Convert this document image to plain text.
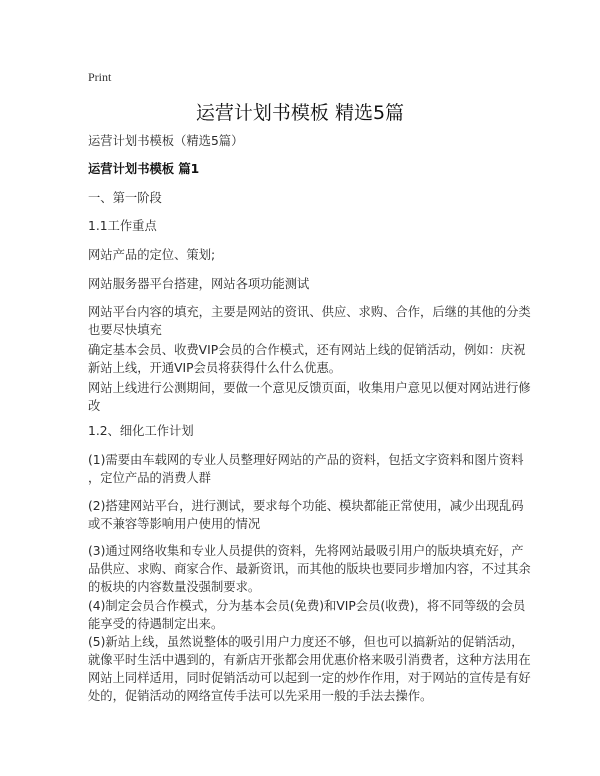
Print
运营计划书模板 精选5篇
运营计划书模板（精选5篇）
运营计划书模板 篇1
一、第一阶段
1.1工作重点
网站产品的定位、策划;
网站服务器平台搭建，网站各项功能测试
网站平台内容的填充，主要是网站的资讯、供应、求购、合作，后继的其他的分类
也要尽快填充
确定基本会员、收费VIP会员的合作模式，还有网站上线的促销活动，例如：庆祝
新站上线，开通VIP会员将获得什么什么优惠。
网站上线进行公测期间，要做一个意见反馈页面，收集用户意见以便对网站进行修
改
1.2、细化工作计划
(1)需要由车载网的专业人员整理好网站的产品的资料，包括文字资料和图片资料
，定位产品的消费人群
(2)搭建网站平台，进行测试，要求每个功能、模块都能正常使用，减少出现乱码
或不兼容等影响用户使用的情况
(3)通过网络收集和专业人员提供的资料，先将网站最吸引用户的版块填充好，产
品供应、求购、商家合作、最新资讯，而其他的版块也要同步增加内容，不过其余
的板块的内容数量没强制要求。
(4)制定会员合作模式，分为基本会员(免费)和VIP会员(收费)，将不同等级的会员
能享受的待遇制定出来。
(5)新站上线，虽然说整体的吸引用户力度还不够，但也可以搞新站的促销活动，
就像平时生活中遇到的，有新店开张都会用优惠价格来吸引消费者，这种方法用在
网站上同样适用，同时促销活动可以起到一定的炒作作用，对于网站的宣传是有好
处的，促销活动的网络宣传手法可以先采用一般的手法去操作。
